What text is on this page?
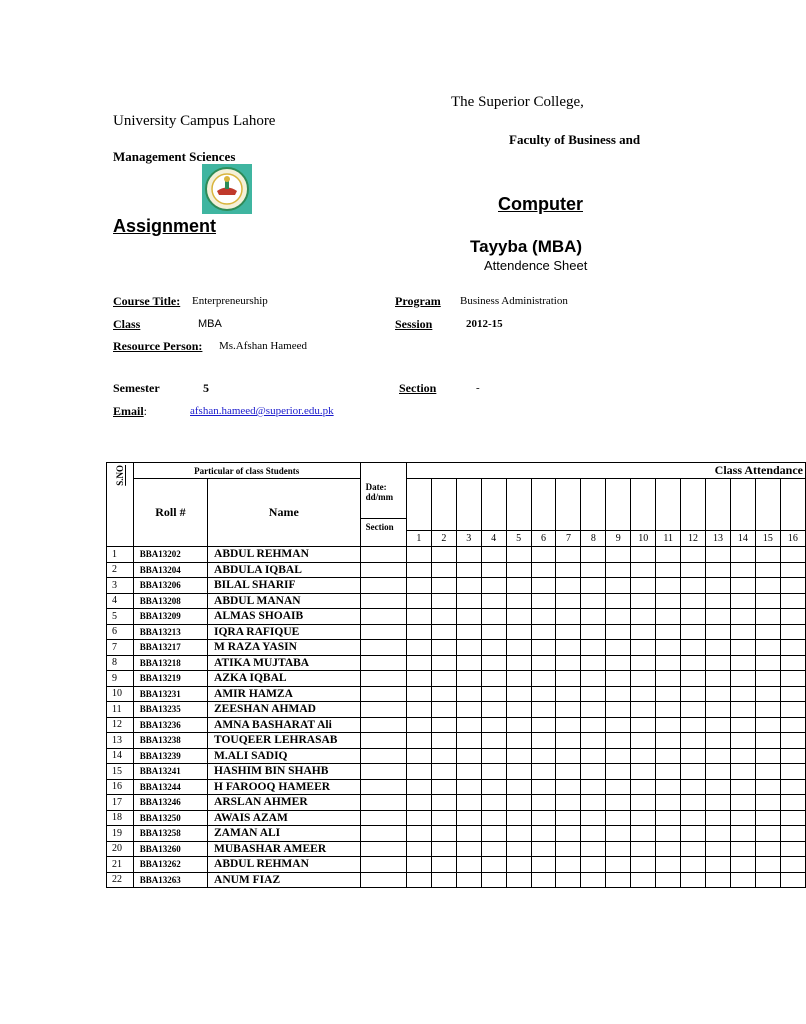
The Superior College,
University Campus Lahore
Faculty of Business and
Management Sciences
Computer
Assignment
Tayyba (MBA)
Attendence Sheet
Course Title: Enterpreneurship	Program Business Administration
Class	MBA	Session	2012-15
Resource Person: Ms.Afshan Hameed
Semester	5	Section	-
Email:	afshan.hameed@superior.edu.pk
S.NO	Particular of class Students		Date: dd/mm
Section	Class Attendance															
	Roll #	Name																	
				1	2	3	4	5	6	7	8	9	10	11	12	13	14	15	16
1	BBA13202	ABDUL REHMAN																	
2	BBA13204	ABDULA IQBAL																	
3	BBA13206	BILAL SHARIF																	
4	BBA13208	ABDUL MANAN																	
5	BBA13209	ALMAS SHOAIB																	
6	BBA13213	IQRA RAFIQUE																	
7	BBA13217	M RAZA YASIN																	
8	BBA13218	ATIKA MUJTABA																	
9	BBA13219	AZKA IQBAL																	
10	BBA13231	AMIR HAMZA																	
11	BBA13235	ZEESHAN AHMAD																	
12	BBA13236	AMNA BASHARAT Ali																	
13	BBA13238	TOUQEER LEHRASAB																	
14	BBA13239	M.ALI SADIQ																	
15	BBA13241	HASHIM BIN SHAHB																	
16	BBA13244	H FAROOQ HAMEER																	
17	BBA13246	ARSLAN AHMER																	
18	BBA13250	AWAIS AZAM																	
19	BBA13258	ZAMAN ALI																	
20	BBA13260	MUBASHAR AMEER																	
21	BBA13262	ABDUL REHMAN																	
22	BBA13263	ANUM FIAZ																	
